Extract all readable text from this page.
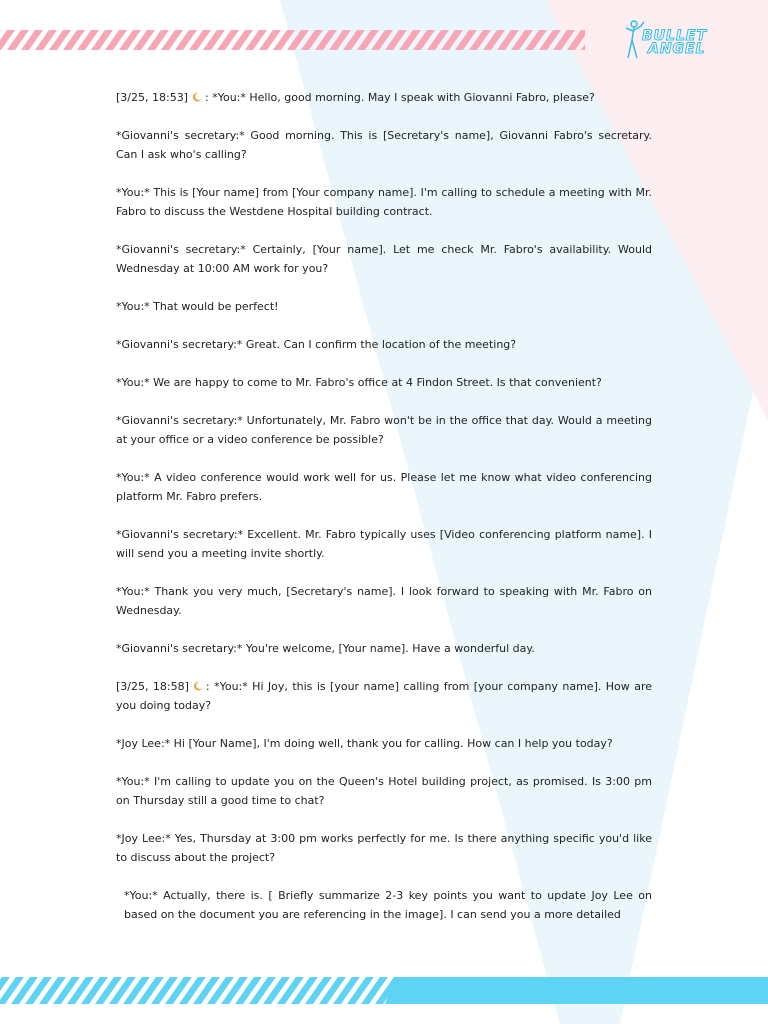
BULLET
ANGEL

[3/25, 18:53] : *You:* Hello, good morning. May I speak with Giovanni Fabro, please?

*Giovanni's secretary:* Good morning. This is [Secretary's name], Giovanni Fabro's secretary. Can I ask who's calling?

*You:* This is [Your name] from [Your company name]. I'm calling to schedule a meeting with Mr. Fabro to discuss the Westdene Hospital building contract.

*Giovanni's secretary:* Certainly, [Your name]. Let me check Mr. Fabro's availability. Would Wednesday at 10:00 AM work for you?

*You:* That would be perfect!

*Giovanni's secretary:* Great. Can I confirm the location of the meeting?

*You:* We are happy to come to Mr. Fabro's office at 4 Findon Street. Is that convenient?

*Giovanni's secretary:* Unfortunately, Mr. Fabro won't be in the office that day. Would a meeting at your office or a video conference be possible?

*You:* A video conference would work well for us. Please let me know what video conferencing platform Mr. Fabro prefers.

*Giovanni's secretary:* Excellent. Mr. Fabro typically uses [Video conferencing platform name]. I will send you a meeting invite shortly.

*You:* Thank you very much, [Secretary's name]. I look forward to speaking with Mr. Fabro on Wednesday.

*Giovanni's secretary:* You're welcome, [Your name]. Have a wonderful day.

[3/25, 18:58] : *You:* Hi Joy, this is [your name] calling from [your company name]. How are you doing today?

*Joy Lee:* Hi [Your Name], I'm doing well, thank you for calling. How can I help you today?

*You:* I'm calling to update you on the Queen's Hotel building project, as promised. Is 3:00 pm on Thursday still a good time to chat?

*Joy Lee:* Yes, Thursday at 3:00 pm works perfectly for me. Is there anything specific you'd like to discuss about the project?

*You:* Actually, there is. [ Briefly summarize 2-3 key points you want to update Joy Lee on based on the document you are referencing in the image]. I can send you a more detailed
